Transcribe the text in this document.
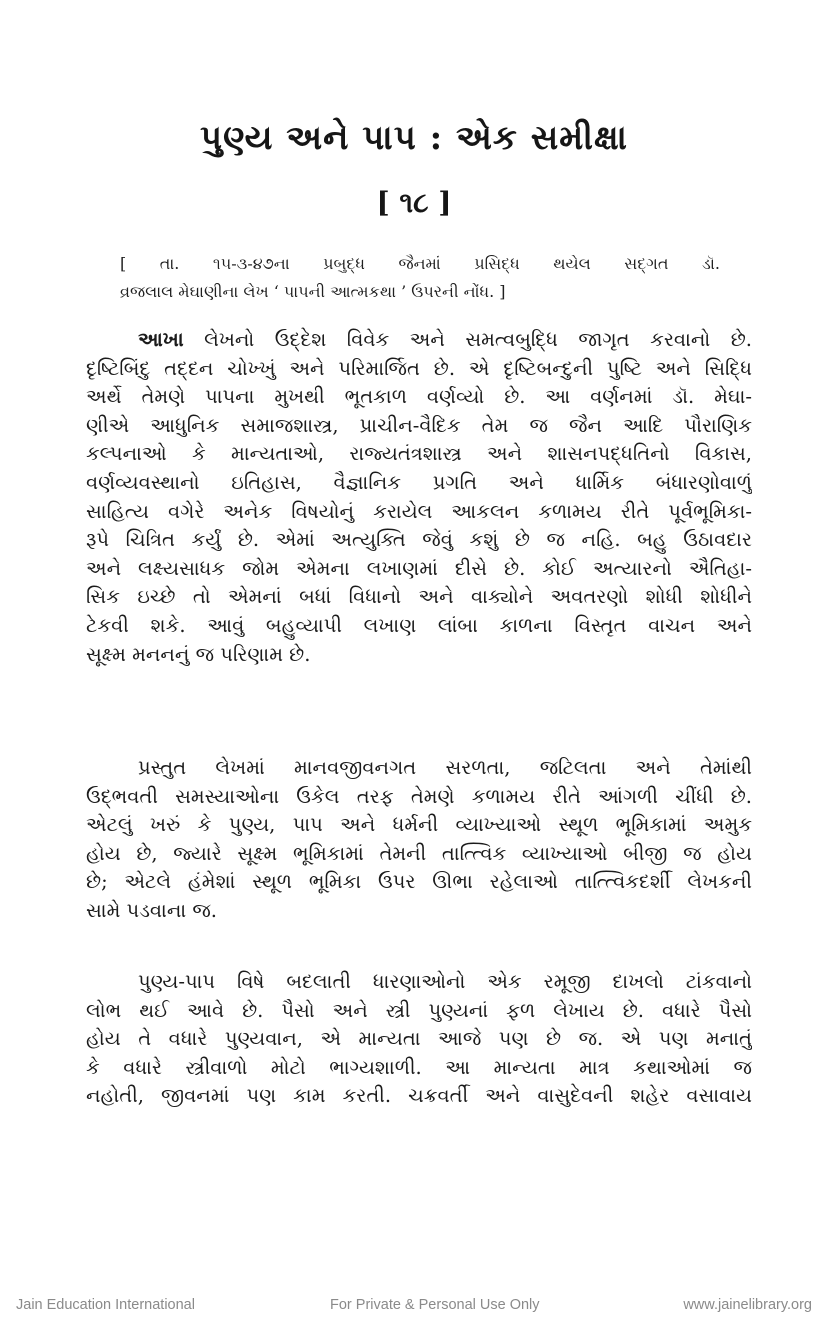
પુણ્ય અને પાપ : એક સમીક્ષા
[ ૧૮ ]
[ તા. ૧૫-૩-૪૭ના પ્રબુદ્ધ જૈનમાં પ્રસિદ્ધ થયેલ સદ્‌ગત ડૉ.
વ્રજલાલ મેઘાણીના લેખ ‘ પાપની આત્મકથા ’ ઉપરની નોંધ. ]
આખા લેખનો ઉદ્દેશ વિવેક અને સમત્વબુદ્ધિ જાગૃત કરવાનો છે.
દૃષ્ટિબિંદુ તદ્દન ચોખ્ખું અને પરિમાર્જિત છે. એ દૃષ્ટિબન્દુની પુષ્ટિ અને સિદ્ધિ
અર્થે તેમણે પાપના મુખથી ભૂતકાળ વર્ણવ્યો છે. આ વર્ણનમાં ડૉ. મેઘા-
ણીએ આધુનિક સમાજશાસ્ત્ર, પ્રાચીન-વૈદિક તેમ જ જૈન આદિ પૌરાણિક
કલ્પનાઓ કે માન્યતાઓ, રાજ્યતંત્રશાસ્ત્ર અને શાસનપદ્ધતિનો વિકાસ,
વર્ણવ્યવસ્થાનો ઇતિહાસ, વૈજ્ઞાનિક પ્રગતિ અને ધાર્મિક બંધારણોવાળું
સાહિત્ય વગેરે અનેક વિષયોનું કરાયેલ આકલન કળામય રીતે પૂર્વભૂમિકા-
રૂપે ચિત્રિત કર્યું છે. એમાં અત્યુક્તિ જેવું કશું છે જ નહિ. બહુ ઉઠાવદાર
અને લક્ષ્યસાધક જોમ એમના લખાણમાં દીસે છે. કોઈ અત્યારનો ઐતિહા-
સિક ઇચ્છે તો એમનાં બધાં વિધાનો અને વાક્યોને અવતરણો શોધી શોધીને
ટેકવી શકે. આવું બહુવ્યાપી લખાણ લાંબા કાળના વિસ્તૃત વાચન અને
સૂક્ષ્મ મનનનું જ પરિણામ છે.
પ્રસ્તુત લેખમાં માનવજીવનગત સરળતા, જટિલતા અને તેમાંથી
ઉદ્‌ભવતી સમસ્યાઓના ઉકેલ તરફ તેમણે કળામય રીતે આંગળી ચીંધી છે.
એટલું ખરું કે પુણ્ય, પાપ અને ધર્મની વ્યાખ્યાઓ સ્થૂળ ભૂમિકામાં અમુક
હોય છે, જ્યારે સૂક્ષ્મ ભૂમિકામાં તેમની તાત્ત્વિક વ્યાખ્યાઓ બીજી જ હોય
છે; એટલે હંમેશાં સ્થૂળ ભૂમિકા ઉપર ઊભા રહેલાઓ તાત્ત્વિકદર્શી લેખકની
સામે પડવાના જ.
પુણ્ય-પાપ વિષે બદલાતી ધારણાઓનો એક રમૂજી દાખલો ટાંકવાનો
લોભ થઈ આવે છે. પૈસો અને સ્ત્રી પુણ્યનાં ફળ લેખાય છે. વધારે પૈસો
હોય તે વધારે પુણ્યવાન, એ માન્યતા આજે પણ છે જ. એ પણ મનાતું
કે વધારે સ્ત્રીવાળો મોટો ભાગ્યશાળી. આ માન્યતા માત્ર કથાઓમાં જ
નહોતી, જીવનમાં પણ કામ કરતી. ચક્રવર્તી અને વાસુદેવની શહેર વસાવાય
Jain Education International	For Private & Personal Use Only	www.jainelibrary.org
